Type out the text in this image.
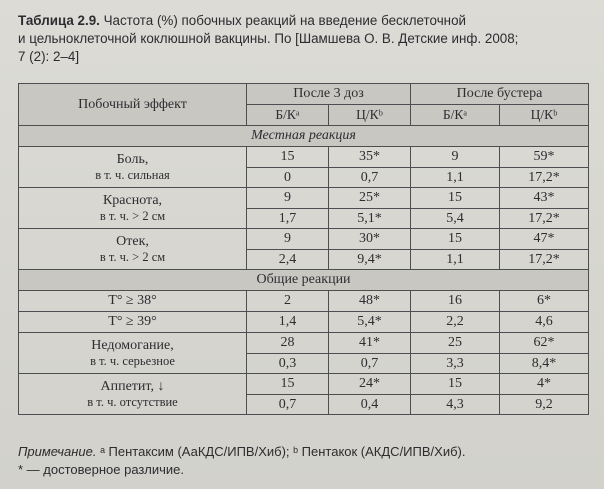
Таблица 2.9. Частота (%) побочных реакций на введение бесклеточной
и цельноклеточной коклюшной вакцины. По [Шамшева О. В. Детские инф. 2008;
7 (2): 2–4]
Побочный эффект	После 3 доз		После бустера	
	Б/Кᵃ	Ц/Кᵇ	Б/Кᵃ	Ц/Кᵇ
Местная реакция				

Боль,
в т. ч. сильная	15	35*	9	59*
	0	0,7	1,1	17,2*

Краснота,
в т. ч. > 2 см	9	25*	15	43*
	1,7	5,1*	5,4	17,2*

Отек,
в т. ч. > 2 см	9	30*	15	47*
	2,4	9,4*	1,1	17,2*
Общие реакции				
T° ≥ 38°	2	48*	16	6*
T° ≥ 39°	1,4	5,4*	2,2	4,6

Недомогание,
в т. ч. серьезное	28	41*	25	62*
	0,3	0,7	3,3	8,4*

Аппетит, ↓
в т. ч. отсутствие	15	24*	15	4*
	0,7	0,4	4,3	9,2
Примечание. ᵃ Пентаксим (АаКДС/ИПВ/Хиб); ᵇ Пентакок (АКДС/ИПВ/Хиб).
* — достоверное различие.
